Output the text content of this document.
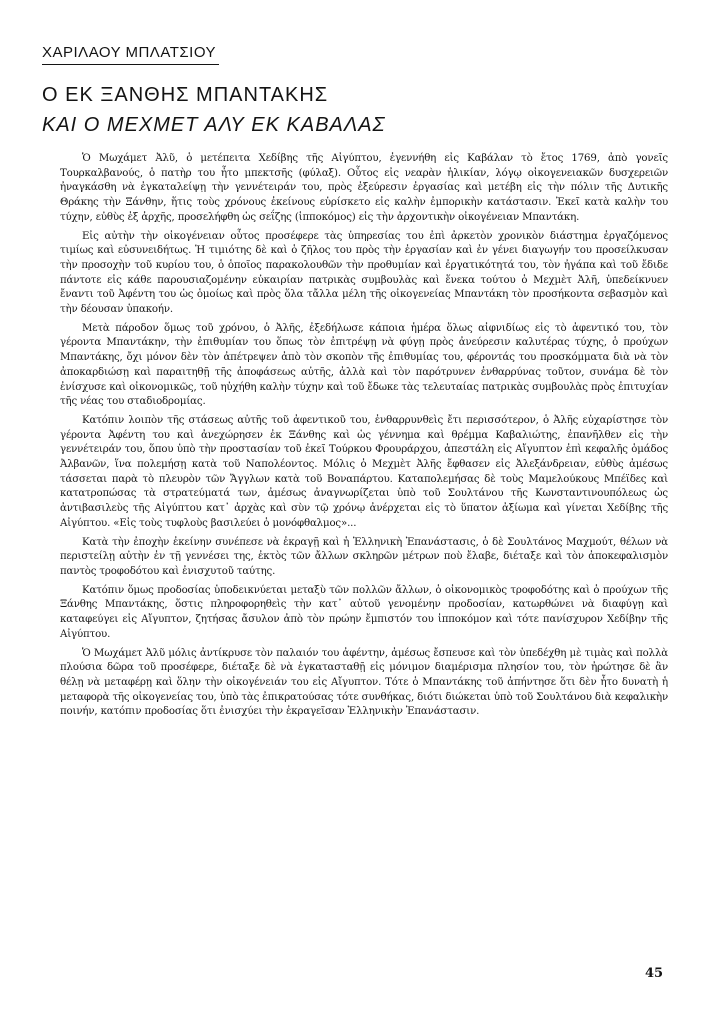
ΧΑΡΙΛΑΟΥ ΜΠΛΑΤΣΙΟΥ
Ο ΕΚ ΞΑΝΘΗΣ ΜΠΑΝΤΑΚΗΣ
ΚΑΙ Ο ΜΕΧΜΕΤ ΑΛΥ ΕΚ ΚΑΒΑΛΑΣ

Ὁ Μωχάμετ Ἀλῦ, ὁ μετέπειτα Χεδίβης τῆς Αἰγύπτου, ἐγεννήθη εἰς Καβάλαν τὸ ἔτος 1769, ἀπὸ γονεῖς Τουρκαλβανούς, ὁ πατὴρ του ἦτο μπεκτσῆς (φύλαξ). Οὗτος εἰς νεαρὰν ἡλικίαν, λόγῳ οἰκογενειακῶν δυσχερειῶν ἠναγκάσθη νὰ ἐγκαταλείψῃ τὴν γεννέτειράν του, πρὸς ἐξεύρεσιν ἐργασίας καὶ μετέβη εἰς τὴν πόλιν τῆς Δυτικῆς Θράκης τὴν Ξάνθην, ἥτις τοὺς χρόνους ἐκείνους εὑρίσκετο εἰς καλὴν ἐμπορικὴν κατάστασιν. Ἐκεῖ κατὰ καλὴν του τύχην, εὐθὺς ἐξ ἀρχῆς, προσελήφθη ὡς σεΐζης (ἱπποκόμος) εἰς τὴν ἀρχοντικὴν οἰκογένειαν Μπαντάκη.

Εἰς αὐτὴν τὴν οἰκογένειαν οὗτος προσέφερε τὰς ὑπηρεσίας του ἐπὶ ἀρκετὸν χρονικὸν διάστημα ἐργαζόμενος τιμίως καὶ εὐσυνειδήτως. Ἡ τιμιότης δὲ καὶ ὁ ζῆλος του πρὸς τὴν ἐργασίαν καὶ ἐν γένει διαγωγήν του προσείλκυσαν τὴν προσοχὴν τοῦ κυρίου του, ὁ ὁποῖος παρακολουθῶν τὴν προθυμίαν καὶ ἐργατικότητά του, τὸν ἠγάπα καὶ τοῦ ἔδιδε πάντοτε εἰς κάθε παρουσιαζομένην εὐκαιρίαν πατρικὰς συμβουλὰς καὶ ἕνεκα τούτου ὁ Μεχμὲτ Ἀλῆ, ὑπεδείκνυεν ἔναντι τοῦ Ἀφέντη του ὡς ὁμοίως καὶ πρὸς ὅλα τἄλλα μέλη τῆς οἰκογενείας Μπαντάκη τὸν προσήκοντα σεβασμὸν καὶ τὴν δέουσαν ὑπακοήν.

Μετὰ πάροδον ὅμως τοῦ χρόνου, ὁ Ἀλῆς, ἐξεδήλωσε κάποια ἡμέρα ὅλως αἰφνιδίως εἰς τὸ ἀφεντικό του, τὸν γέροντα Μπαντάκην, τὴν ἐπιθυμίαν του ὅπως τὸν ἐπιτρέψῃ νὰ φύγῃ πρὸς ἀνεύρεσιν καλυτέρας τύχης, ὁ προύχων Μπαντάκης, ὄχι μόνον δὲν τὸν ἀπέτρεψεν ἀπὸ τὸν σκοπὸν τῆς ἐπιθυμίας του, φέροντάς του προσκόμματα διὰ νὰ τὸν ἀποκαρδιώσῃ καὶ παραιτηθῇ τῆς ἀποφάσεως αὐτῆς, ἀλλὰ καὶ τὸν παρότρυνεν ἐνθαρρύνας τοῦτον, συνάμα δὲ τὸν ἐνίσχυσε καὶ οἰκονομικῶς, τοῦ ηὐχήθη καλὴν τύχην καὶ τοῦ ἔδωκε τὰς τελευταίας πατρικὰς συμβουλὰς πρὸς ἐπιτυχίαν τῆς νέας του σταδιοδρομίας.

Κατόπιν λοιπὸν τῆς στάσεως αὐτῆς τοῦ ἀφεντικοῦ του, ἐνθαρρυνθεὶς ἔτι περισσότερον, ὁ Ἀλῆς εὐχαρίστησε τὸν γέροντα Ἀφέντη του καὶ ἀνεχώρησεν ἐκ Ξάνθης καὶ ὡς γέννημα καὶ θρέμμα Καβαλιώτης, ἐπανῆλθεν εἰς τὴν γεννέτειράν του, ὅπου ὑπὸ τὴν προστασίαν τοῦ ἐκεῖ Τούρκου Φρουράρχου, ἀπεστάλη εἰς Αἴγυπτον ἐπὶ κεφαλῆς ὁμάδος Ἀλβανῶν, ἵνα πολεμήσῃ κατὰ τοῦ Ναπολέοντος. Μόλις ὁ Μεχμὲτ Ἀλῆς ἔφθασεν εἰς Ἀλεξάνδρειαν, εὐθὺς ἀμέσως τάσσεται παρὰ τὸ πλευρὸν τῶν Ἄγγλων κατὰ τοῦ Βοναπάρτου. Καταπολεμήσας δὲ τοὺς Μαμελούκους Μπέϊδες καὶ κατατροπώσας τὰ στρατεύματά των, ἀμέσως ἀναγνωρίζεται ὑπὸ τοῦ Σουλτάνου τῆς Κωνσταντινουπόλεως ὡς ἀντιβασιλεὺς τῆς Αἰγύπτου κατ᾽ ἀρχὰς καὶ σὺν τῷ χρόνῳ ἀνέρχεται εἰς τὸ ὕπατον ἀξίωμα καὶ γίνεται Χεδίβης τῆς Αἰγύπτου. «Εἰς τοὺς τυφλοὺς βασιλεύει ὁ μονόφθαλμος»...

Κατὰ τὴν ἐποχὴν ἐκείνην συνέπεσε νὰ ἐκραγῇ καὶ ἡ Ἑλληνικὴ Ἐπανάστασις, ὁ δὲ Σουλτάνος Μαχμούτ, θέλων νὰ περιστείλῃ αὐτὴν ἐν τῇ γεννέσει της, ἐκτὸς τῶν ἄλλων σκληρῶν μέτρων ποὺ ἔλαβε, διέταξε καὶ τὸν ἀποκεφαλισμὸν παντὸς τροφοδότου καὶ ἐνισχυτοῦ ταύτης.

Κατόπιν ὅμως προδοσίας ὑποδεικνύεται μεταξὺ τῶν πολλῶν ἄλλων, ὁ οἰκονομικὸς τροφοδότης καὶ ὁ προύχων τῆς Ξάνθης Μπαντάκης, ὅστις πληροφορηθεὶς τὴν κατ᾽ αὐτοῦ γενομένην προδοσίαν, κατωρθώνει νὰ διαφύγῃ καὶ καταφεύγει εἰς Αἴγυπτον, ζητήσας ἄσυλον ἀπὸ τὸν πρώην ἔμπιστόν του ἱπποκόμον καὶ τότε πανίσχυρον Χεδίβην τῆς Αἰγύπτου.

Ὁ Μωχάμετ Ἀλῦ μόλις ἀντίκρυσε τὸν παλαιόν του ἀφέντην, ἀμέσως ἔσπευσε καὶ τὸν ὑπεδέχθη μὲ τιμὰς καὶ πολλὰ πλούσια δῶρα τοῦ προσέφερε, διέταξε δὲ νὰ ἐγκατασταθῇ εἰς μόνιμον διαμέρισμα πλησίον του, τὸν ἠρώτησε δὲ ἂν θέλῃ νὰ μεταφέρῃ καὶ ὅλην τὴν οἰκογένειάν του εἰς Αἴγυπτον. Τότε ὁ Μπαντάκης τοῦ ἀπήντησε ὅτι δὲν ἦτο δυνατὴ ἡ μεταφορὰ τῆς οἰκογενείας του, ὑπὸ τὰς ἐπικρατούσας τότε συνθήκας, διότι διώκεται ὑπὸ τοῦ Σουλτάνου διὰ κεφαλικὴν ποινήν, κατόπιν προδοσίας ὅτι ἐνισχύει τὴν ἐκραγεῖσαν Ἑλληνικὴν Ἐπανάστασιν.

45
